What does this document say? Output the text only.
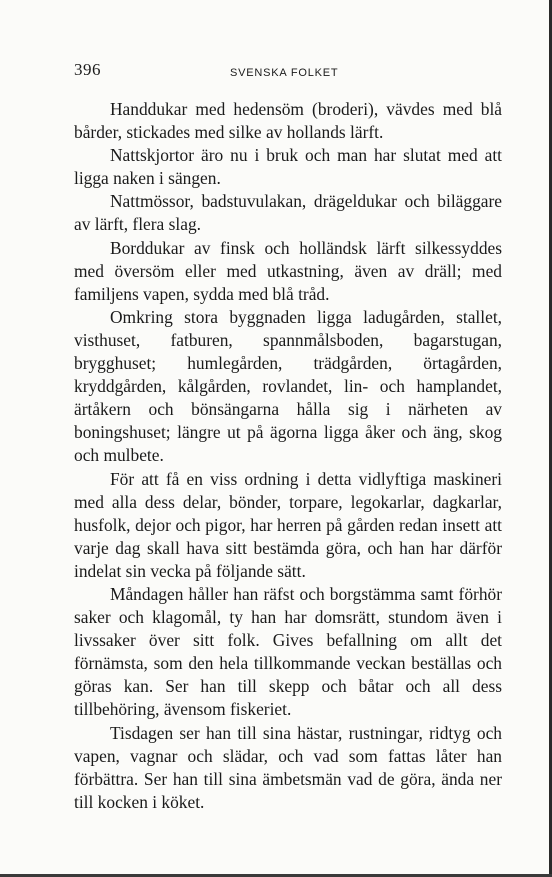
396	SVENSKA FOLKET

Handdukar med hedensöm (broderi), vävdes med blå bårder, stickades med silke av hollands lärft.

Nattskjortor äro nu i bruk och man har slutat med att ligga naken i sängen.

Nattmössor, badstuvulakan, drägeldukar och biläggare av lärft, flera slag.

Borddukar av finsk och holländsk lärft silkessyddes med översöm eller med utkastning, även av dräll; med familjens vapen, sydda med blå tråd.

Omkring stora byggnaden ligga ladugården, stallet, visthuset, fatburen, spannmålsboden, bagarstugan, brygghuset; humlegården, trädgården, örtagården, kryddgården, kålgården, rovlandet, lin- och hamplandet, ärtåkern och bönsängarna hålla sig i närheten av boningshuset; längre ut på ägorna ligga åker och äng, skog och mulbete.

För att få en viss ordning i detta vidlyftiga maskineri med alla dess delar, bönder, torpare, legokarlar, dagkarlar, husfolk, dejor och pigor, har herren på gården redan insett att varje dag skall hava sitt bestämda göra, och han har därför indelat sin vecka på följande sätt.

Måndagen håller han räfst och borgstämma samt förhör saker och klagomål, ty han har domsrätt, stundom även i livssaker över sitt folk. Gives befallning om allt det förnämsta, som den hela tillkommande veckan beställas och göras kan. Ser han till skepp och båtar och all dess tillbehöring, ävensom fiskeriet.

Tisdagen ser han till sina hästar, rustningar, ridtyg och vapen, vagnar och slädar, och vad som fattas låter han förbättra. Ser han till sina ämbetsmän vad de göra, ända ner till kocken i köket.
